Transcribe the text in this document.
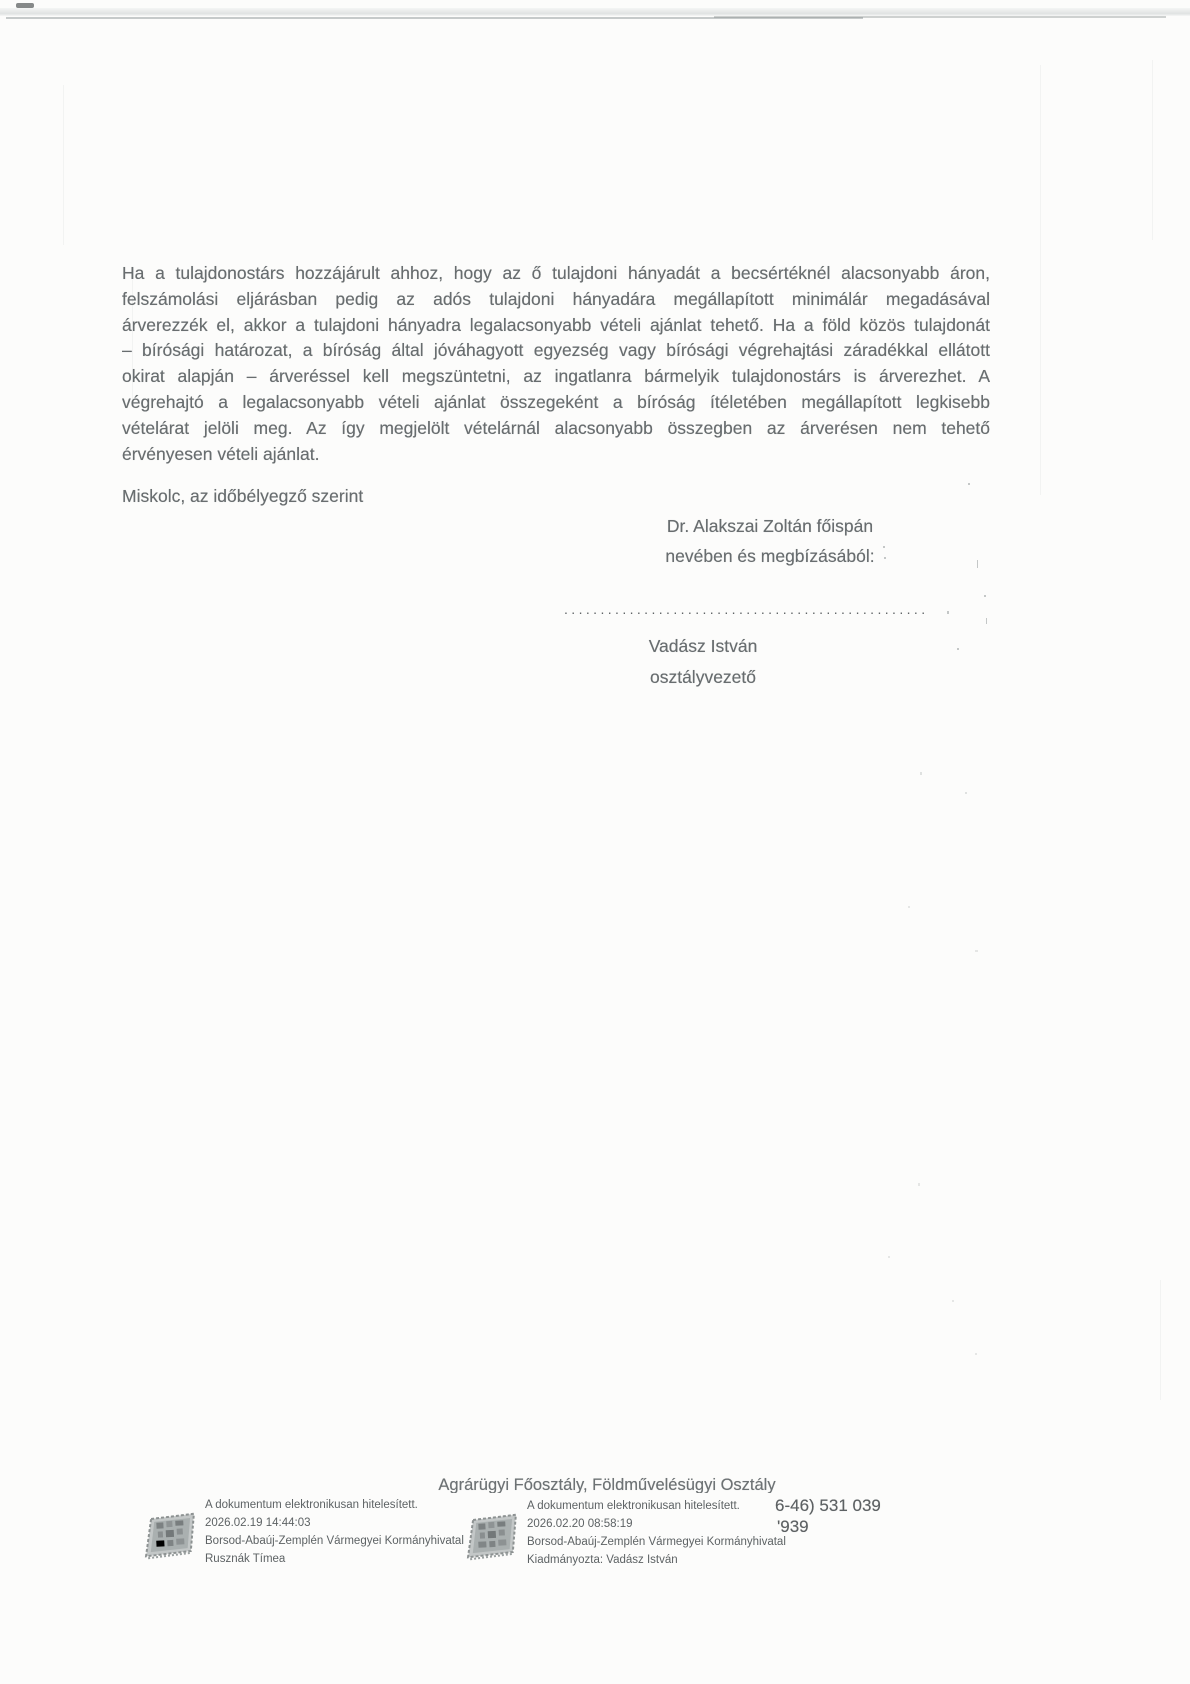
Ha a tulajdonostárs hozzájárult ahhoz, hogy az ő tulajdoni hányadát a becsértéknél alacsonyabb áron,
felszámolási eljárásban pedig az adós tulajdoni hányadára megállapított minimálár megadásával
árverezzék el, akkor a tulajdoni hányadra legalacsonyabb vételi ajánlat tehető. Ha a föld közös tulajdonát
– bírósági határozat, a bíróság által jóváhagyott egyezség vagy bírósági végrehajtási záradékkal ellátott
okirat alapján – árveréssel kell megszüntetni, az ingatlanra bármelyik tulajdonostárs is árverezhet. A
végrehajtó a legalacsonyabb vételi ajánlat összegeként a bíróság ítéletében megállapított legkisebb
vételárat jelöli meg. Az így megjelölt vételárnál alacsonyabb összegben az árverésen nem tehető
érvényesen vételi ajánlat.
Miskolc, az időbélyegző szerint
Dr. Alakszai Zoltán főispán
nevében és megbízásából:
..................................................
Vadász István
osztályvezető
Agrárügyi Főosztály, Földművelésügyi Osztály
A dokumentum elektronikusan hitelesített.
2026.02.19 14:44:03
Borsod-Abaúj-Zemplén Vármegyei Kormányhivatal
Rusznák Tímea
A dokumentum elektronikusan hitelesített.
2026.02.20 08:58:19
Borsod-Abaúj-Zemplén Vármegyei Kormányhivatal
Kiadmányozta: Vadász István
6-46) 531 039
'939
